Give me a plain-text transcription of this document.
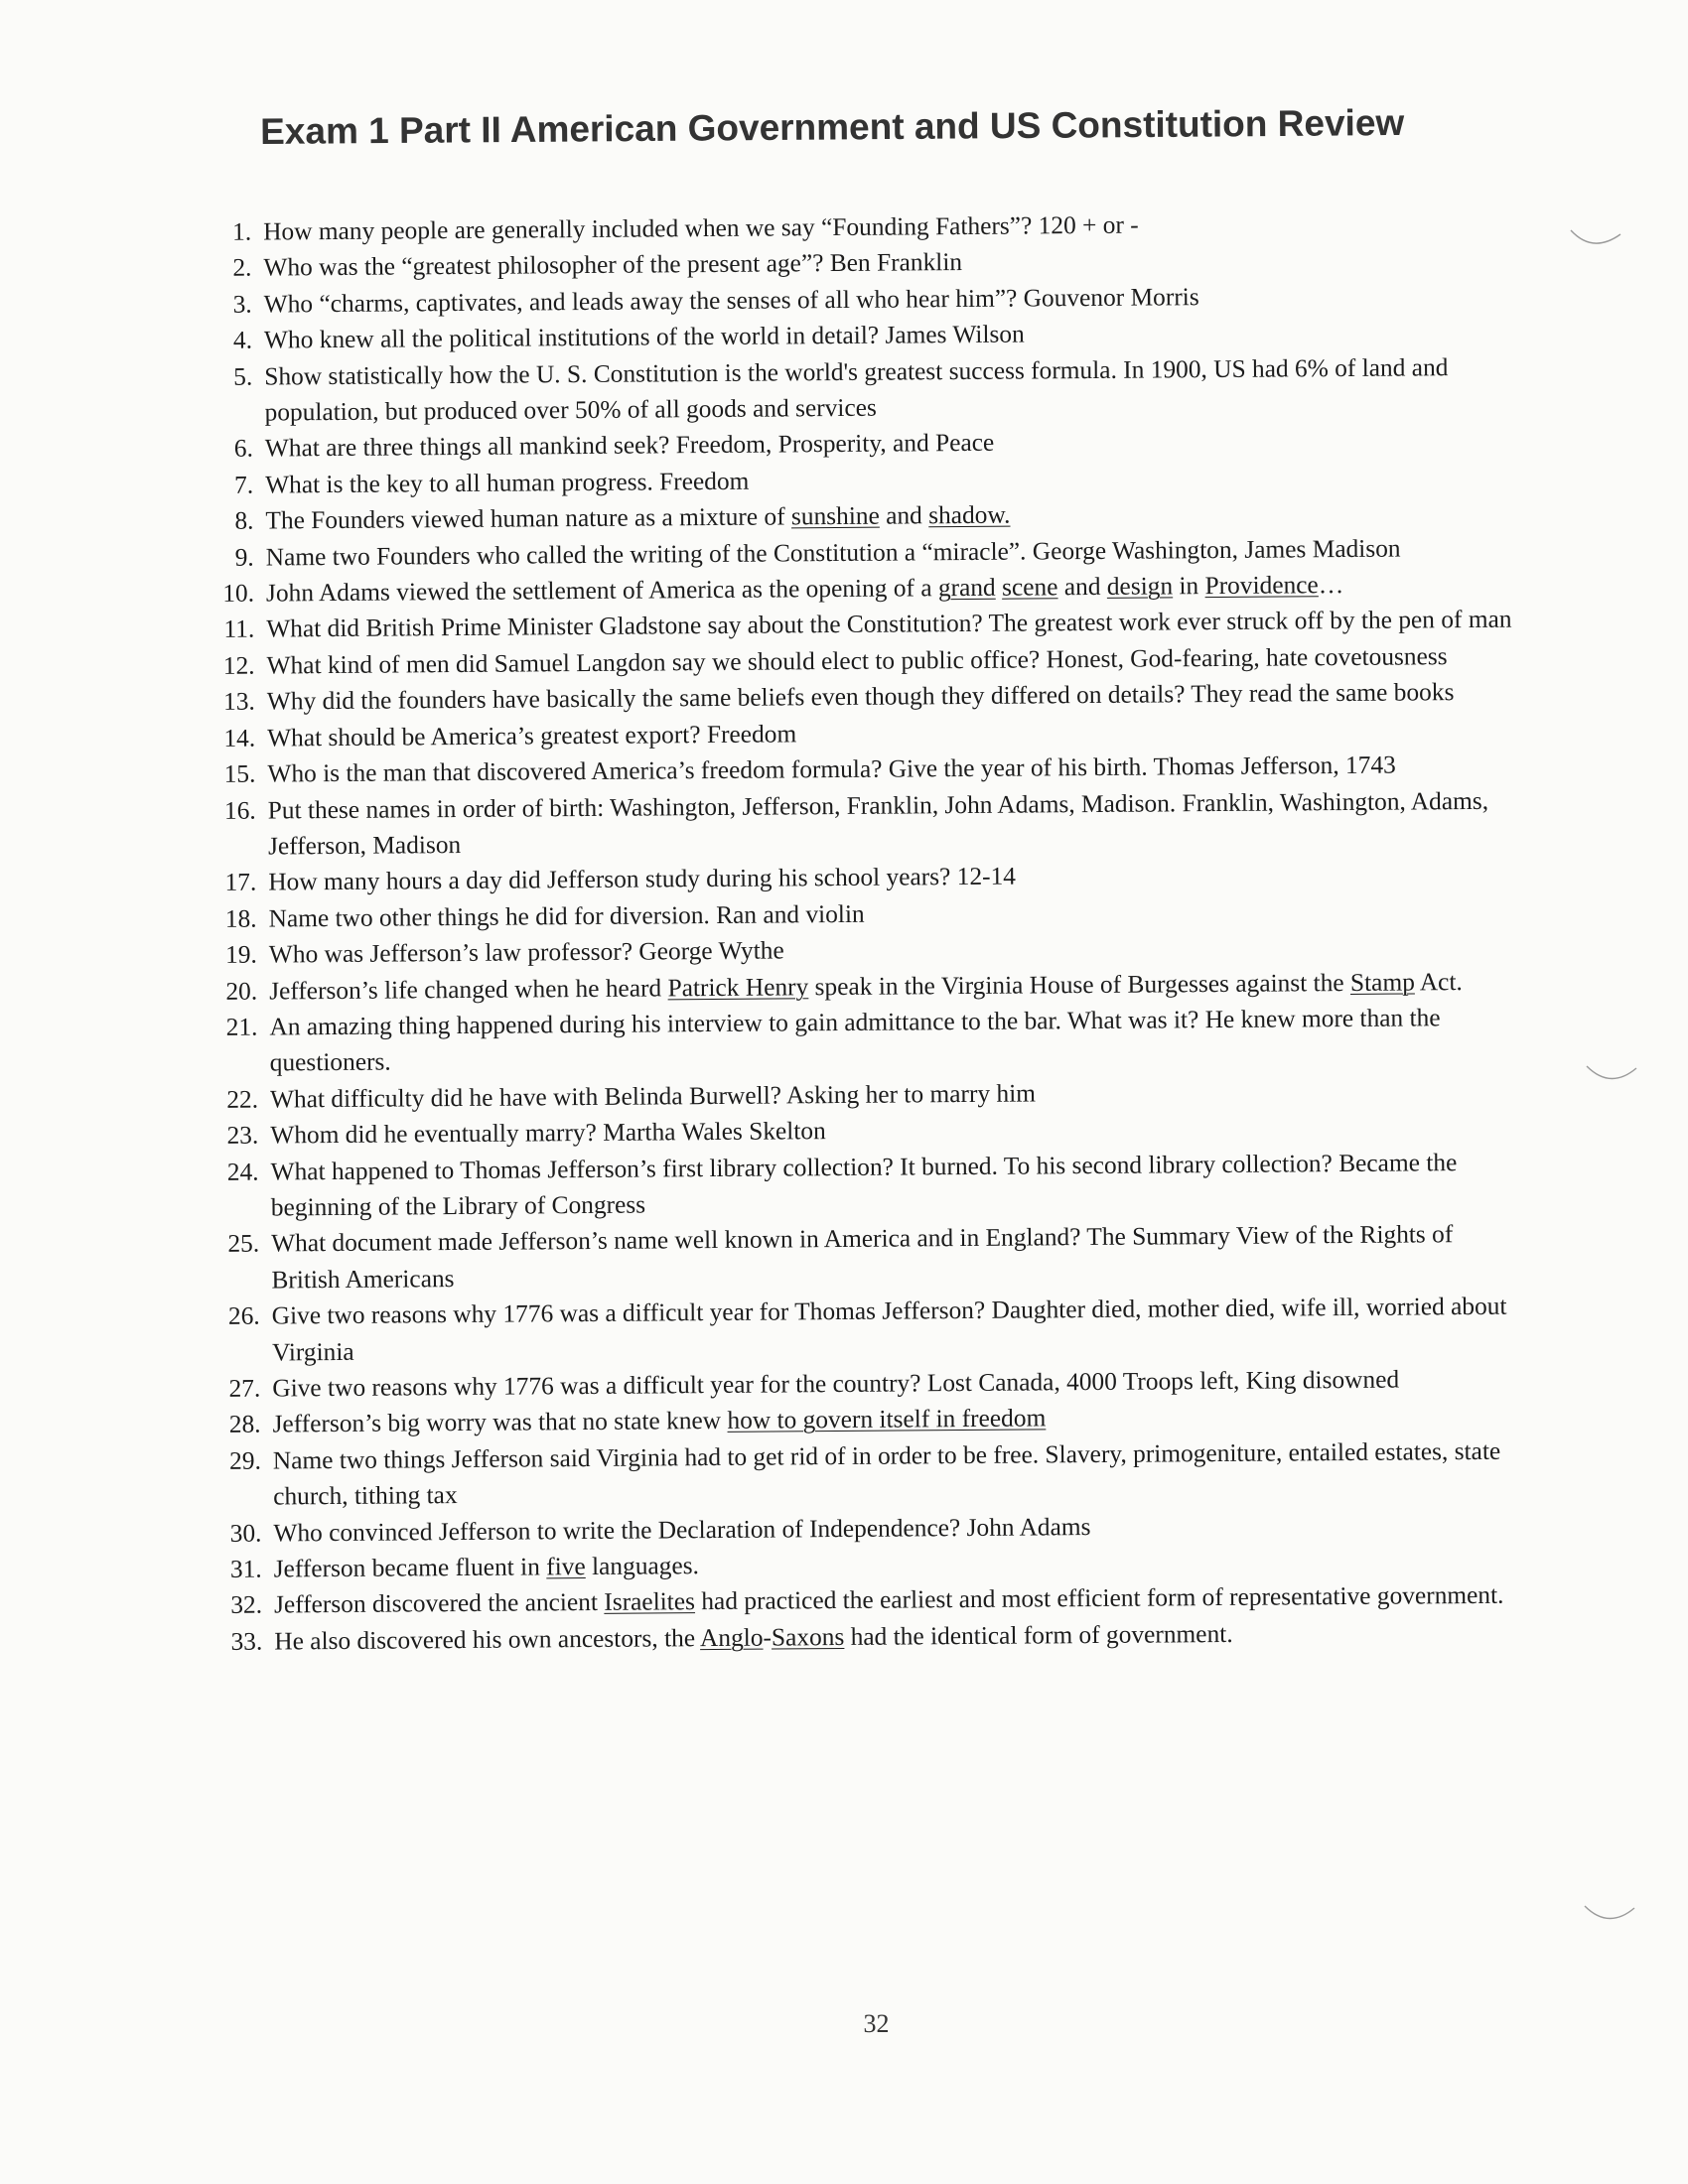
Exam 1 Part II American Government and US Constitution Review
1. How many people are generally included when we say “Founding Fathers”? 120 + or -
2. Who was the “greatest philosopher of the present age”? Ben Franklin
3. Who “charms, captivates, and leads away the senses of all who hear him”? Gouvenor Morris
4. Who knew all the political institutions of the world in detail? James Wilson
5. Show statistically how the U. S. Constitution is the world's greatest success formula. In 1900, US had 6% of land and population, but produced over 50% of all goods and services
6. What are three things all mankind seek? Freedom, Prosperity, and Peace
7. What is the key to all human progress. Freedom
8. The Founders viewed human nature as a mixture of sunshine and shadow.
9. Name two Founders who called the writing of the Constitution a “miracle”. George Washington, James Madison
10. John Adams viewed the settlement of America as the opening of a grand scene and design in Providence…
11. What did British Prime Minister Gladstone say about the Constitution? The greatest work ever struck off by the pen of man
12. What kind of men did Samuel Langdon say we should elect to public office? Honest, God-fearing, hate covetousness
13. Why did the founders have basically the same beliefs even though they differed on details? They read the same books
14. What should be America’s greatest export? Freedom
15. Who is the man that discovered America’s freedom formula? Give the year of his birth. Thomas Jefferson, 1743
16. Put these names in order of birth: Washington, Jefferson, Franklin, John Adams, Madison. Franklin, Washington, Adams, Jefferson, Madison
17. How many hours a day did Jefferson study during his school years? 12-14
18. Name two other things he did for diversion. Ran and violin
19. Who was Jefferson’s law professor? George Wythe
20. Jefferson’s life changed when he heard Patrick Henry speak in the Virginia House of Burgesses against the Stamp Act.
21. An amazing thing happened during his interview to gain admittance to the bar. What was it? He knew more than the questioners.
22. What difficulty did he have with Belinda Burwell? Asking her to marry him
23. Whom did he eventually marry? Martha Wales Skelton
24. What happened to Thomas Jefferson’s first library collection? It burned. To his second library collection? Became the beginning of the Library of Congress
25. What document made Jefferson’s name well known in America and in England? The Summary View of the Rights of British Americans
26. Give two reasons why 1776 was a difficult year for Thomas Jefferson? Daughter died, mother died, wife ill, worried about Virginia
27. Give two reasons why 1776 was a difficult year for the country? Lost Canada, 4000 Troops left, King disowned
28. Jefferson’s big worry was that no state knew how to govern itself in freedom
29. Name two things Jefferson said Virginia had to get rid of in order to be free. Slavery, primogeniture, entailed estates, state church, tithing tax
30. Who convinced Jefferson to write the Declaration of Independence? John Adams
31. Jefferson became fluent in five languages.
32. Jefferson discovered the ancient Israelites had practiced the earliest and most efficient form of representative government.
33. He also discovered his own ancestors, the Anglo-Saxons had the identical form of government.
32
